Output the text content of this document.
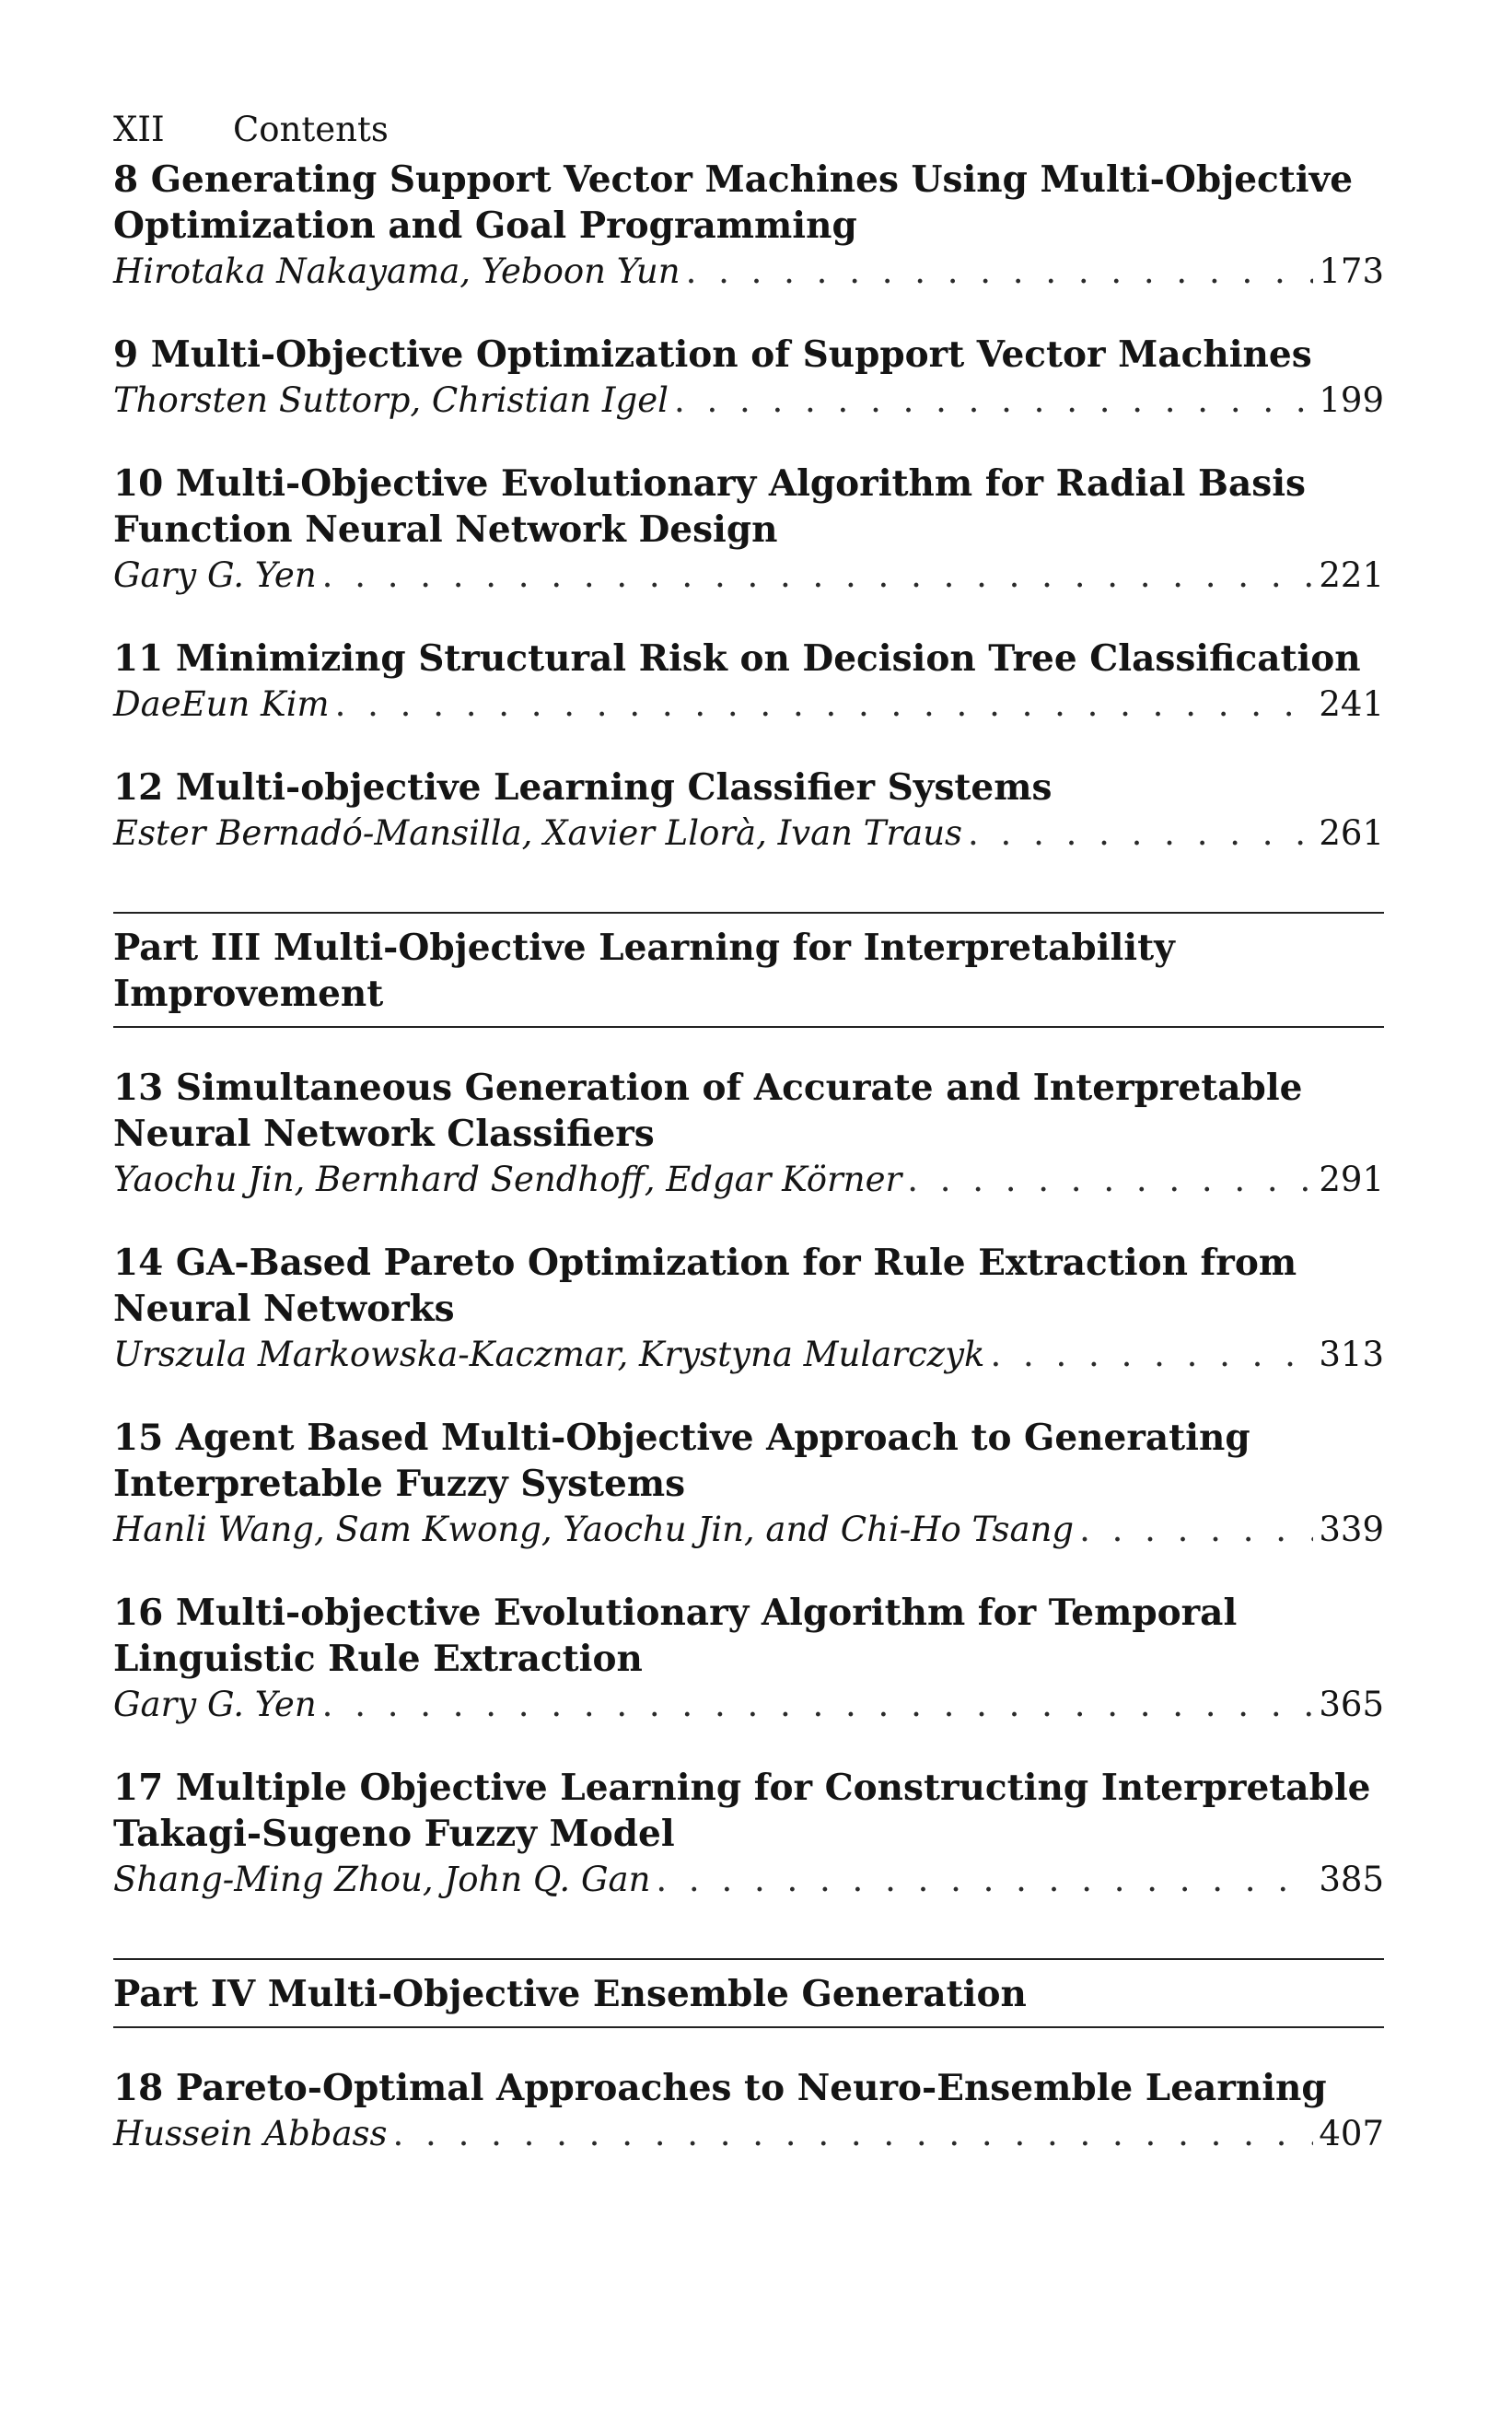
XII	Contents
8 Generating Support Vector Machines Using Multi-Objective Optimization and Goal Programming
Hirotaka Nakayama, Yeboon Yun . . .	173
9 Multi-Objective Optimization of Support Vector Machines
Thorsten Suttorp, Christian Igel . . .	199
10 Multi-Objective Evolutionary Algorithm for Radial Basis Function Neural Network Design
Gary G. Yen . . .	221
11 Minimizing Structural Risk on Decision Tree Classification
DaeEun Kim . . .	241
12 Multi-objective Learning Classifier Systems
Ester Bernadó-Mansilla, Xavier Llorà, Ivan Traus . . .	261
Part III Multi-Objective Learning for Interpretability Improvement
13 Simultaneous Generation of Accurate and Interpretable Neural Network Classifiers
Yaochu Jin, Bernhard Sendhoff, Edgar Körner . . .	291
14 GA-Based Pareto Optimization for Rule Extraction from Neural Networks
Urszula Markowska-Kaczmar, Krystyna Mularczyk . . .	313
15 Agent Based Multi-Objective Approach to Generating Interpretable Fuzzy Systems
Hanli Wang, Sam Kwong, Yaochu Jin, and Chi-Ho Tsang . . .	339
16 Multi-objective Evolutionary Algorithm for Temporal Linguistic Rule Extraction
Gary G. Yen . . .	365
17 Multiple Objective Learning for Constructing Interpretable Takagi-Sugeno Fuzzy Model
Shang-Ming Zhou, John Q. Gan . . .	385
Part IV Multi-Objective Ensemble Generation
18 Pareto-Optimal Approaches to Neuro-Ensemble Learning
Hussein Abbass . . .	407
